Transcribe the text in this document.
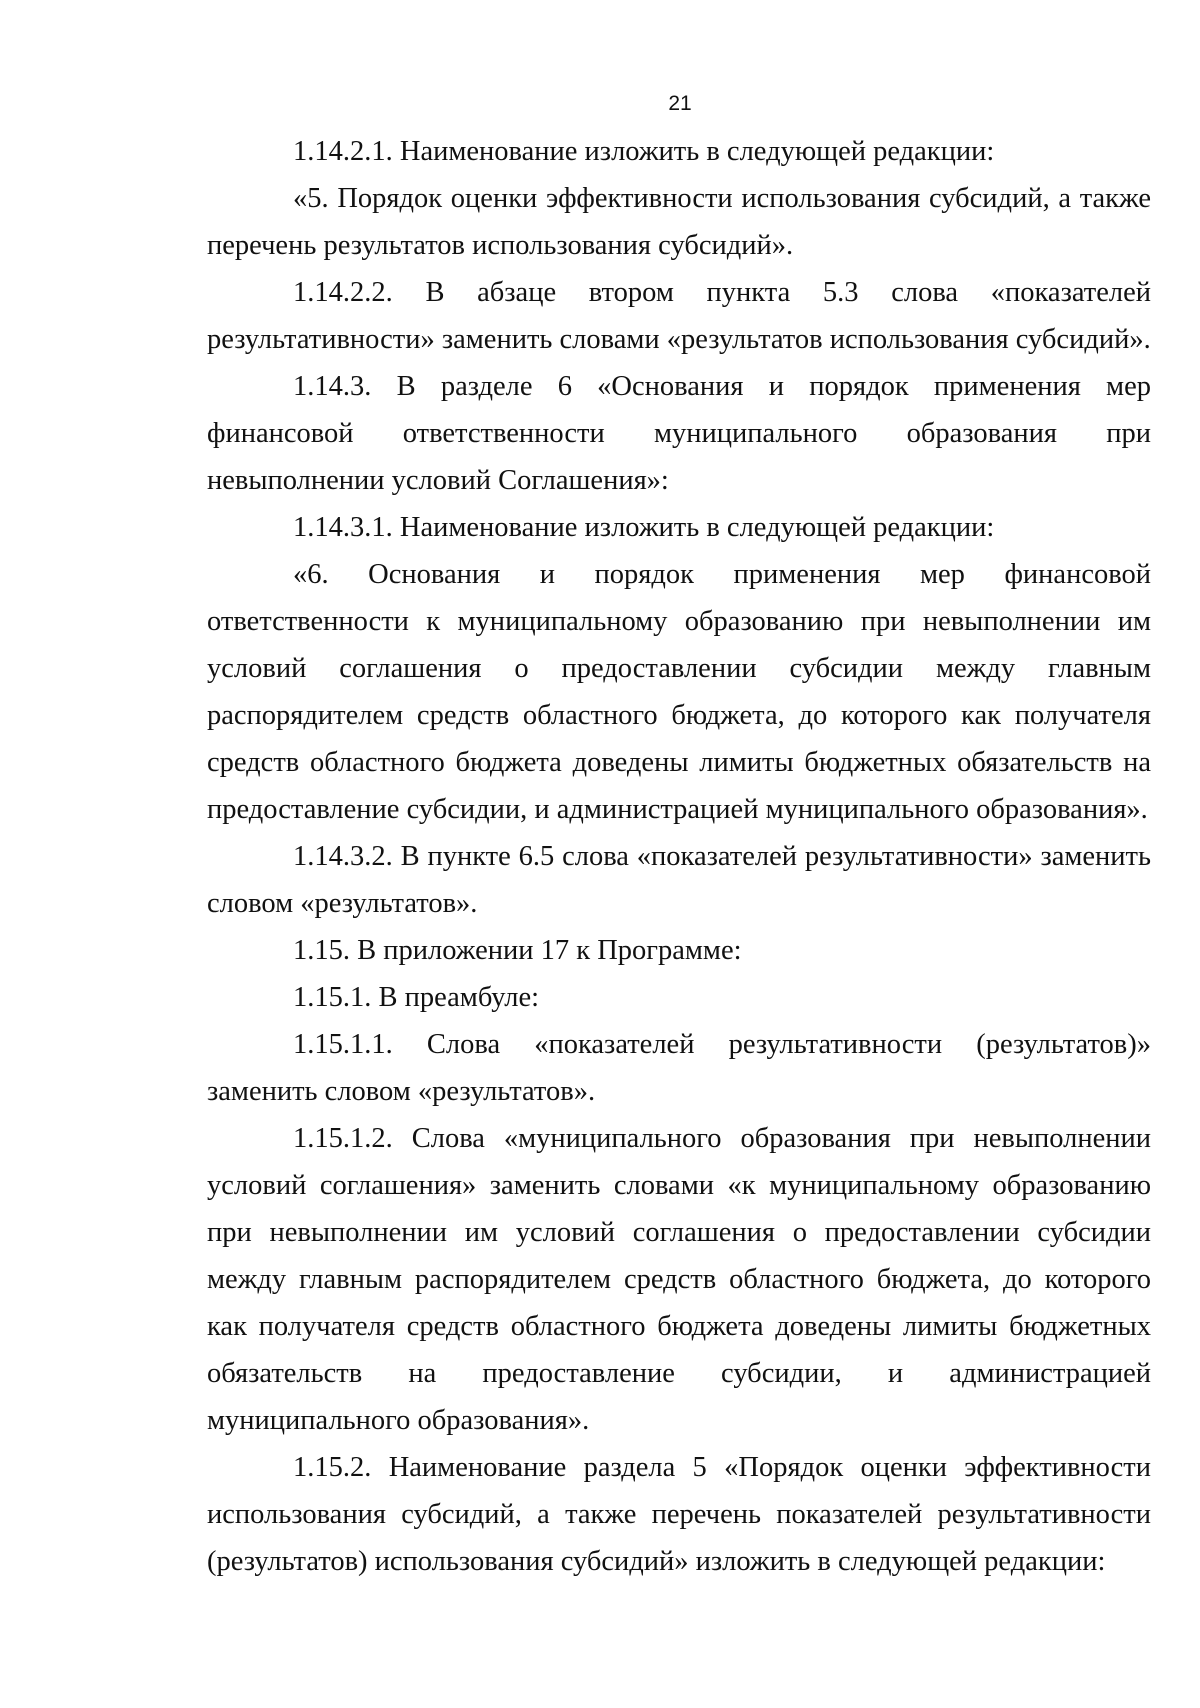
21

1.14.2.1. Наименование изложить в следующей редакции:

«5. Порядок оценки эффективности использования субсидий, а также перечень результатов использования субсидий».

1.14.2.2. В абзаце втором пункта 5.3 слова «показателей результативности» заменить словами «результатов использования субсидий».

1.14.3. В разделе 6 «Основания и порядок применения мер финансовой ответственности муниципального образования при невыполнении условий Соглашения»:

1.14.3.1. Наименование изложить в следующей редакции:

«6. Основания и порядок применения мер финансовой ответственности к муниципальному образованию при невыполнении им условий соглашения о предоставлении субсидии между главным распорядителем средств областного бюджета, до которого как получателя средств областного бюджета доведены лимиты бюджетных обязательств на предоставление субсидии, и администрацией муниципального образования».

1.14.3.2. В пункте 6.5 слова «показателей результативности» заменить словом «результатов».

1.15. В приложении 17 к Программе:

1.15.1. В преамбуле:

1.15.1.1. Слова «показателей результативности (результатов)» заменить словом «результатов».

1.15.1.2. Слова «муниципального образования при невыполнении условий соглашения» заменить словами «к муниципальному образованию при невыполнении им условий соглашения о предоставлении субсидии между главным распорядителем средств областного бюджета, до которого как получателя средств областного бюджета доведены лимиты бюджетных обязательств на предоставление субсидии, и администрацией муниципального образования».

1.15.2. Наименование раздела 5 «Порядок оценки эффективности использования субсидий, а также перечень показателей результативности (результатов) использования субсидий» изложить в следующей редакции:
